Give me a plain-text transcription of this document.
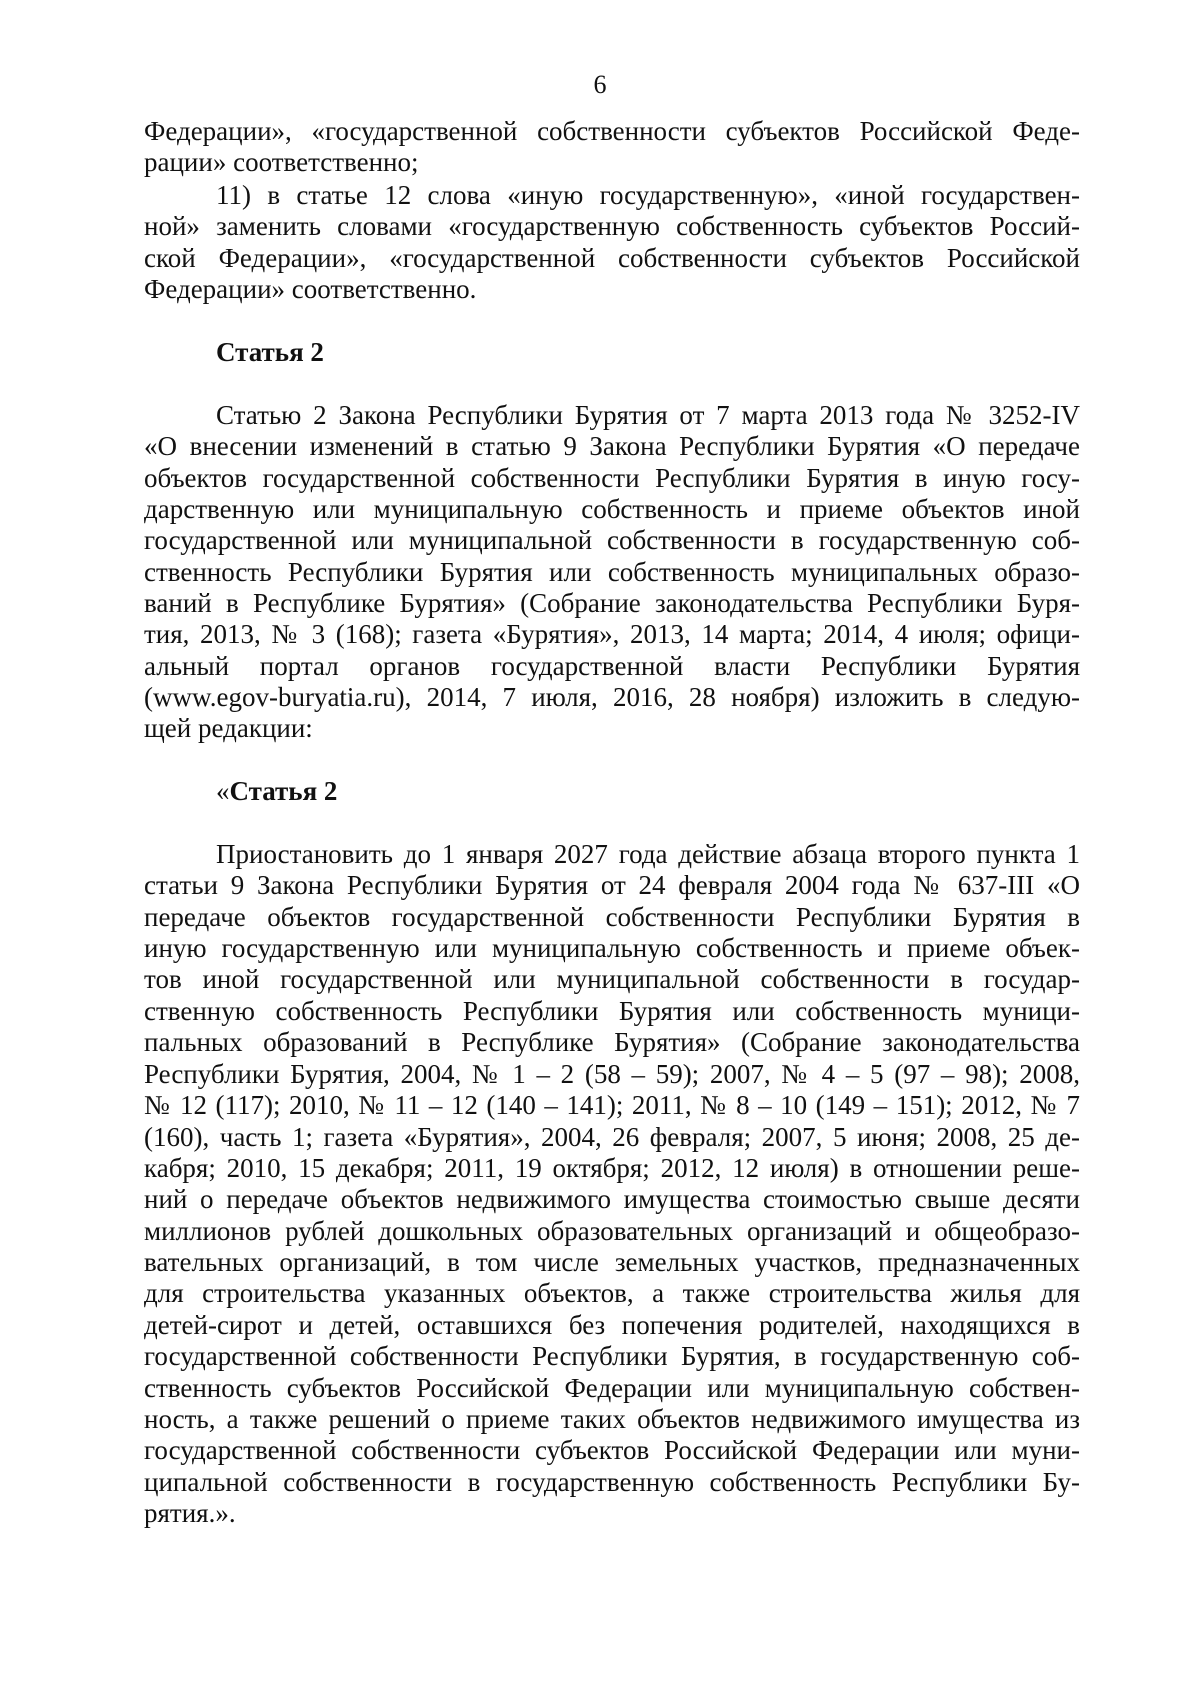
6
Федерации», «государственной собственности субъектов Российской Феде-
рации» соответственно;
11) в статье 12 слова «иную государственную», «иной государствен-
ной» заменить словами «государственную собственность субъектов Россий-
ской Федерации», «государственной собственности субъектов Российской
Федерации» соответственно.
Статья 2
Статью 2 Закона Республики Бурятия от 7 марта 2013 года № 3252-IV
«О внесении изменений в статью 9 Закона Республики Бурятия «О передаче
объектов государственной собственности Республики Бурятия в иную госу-
дарственную или муниципальную собственность и приеме объектов иной
государственной или муниципальной собственности в государственную соб-
ственность Республики Бурятия или собственность муниципальных образо-
ваний в Республике Бурятия» (Собрание законодательства Республики Буря-
тия, 2013, № 3 (168); газета «Бурятия», 2013, 14 марта; 2014, 4 июля; офици-
альный портал органов государственной власти Республики Бурятия
(www.egov-buryatia.ru), 2014, 7 июля, 2016, 28 ноября) изложить в следую-
щей редакции:
«Статья 2
Приостановить до 1 января 2027 года действие абзаца второго пункта 1
статьи 9 Закона Республики Бурятия от 24 февраля 2004 года № 637-III «О
передаче объектов государственной собственности Республики Бурятия в
иную государственную или муниципальную собственность и приеме объек-
тов иной государственной или муниципальной собственности в государ-
ственную собственность Республики Бурятия или собственность муници-
пальных образований в Республике Бурятия» (Собрание законодательства
Республики Бурятия, 2004, № 1 – 2 (58 – 59); 2007, № 4 – 5 (97 – 98); 2008,
№ 12 (117); 2010, № 11 – 12 (140 – 141); 2011, № 8 – 10 (149 – 151); 2012, № 7
(160), часть 1; газета «Бурятия», 2004, 26 февраля; 2007, 5 июня; 2008, 25 де-
кабря; 2010, 15 декабря; 2011, 19 октября; 2012, 12 июля) в отношении реше-
ний о передаче объектов недвижимого имущества стоимостью свыше десяти
миллионов рублей дошкольных образовательных организаций и общеобразо-
вательных организаций, в том числе земельных участков, предназначенных
для строительства указанных объектов, а также строительства жилья для
детей-сирот и детей, оставшихся без попечения родителей, находящихся в
государственной собственности Республики Бурятия, в государственную соб-
ственность субъектов Российской Федерации или муниципальную собствен-
ность, а также решений о приеме таких объектов недвижимого имущества из
государственной собственности субъектов Российской Федерации или муни-
ципальной собственности в государственную собственность Республики Бу-
рятия.».
